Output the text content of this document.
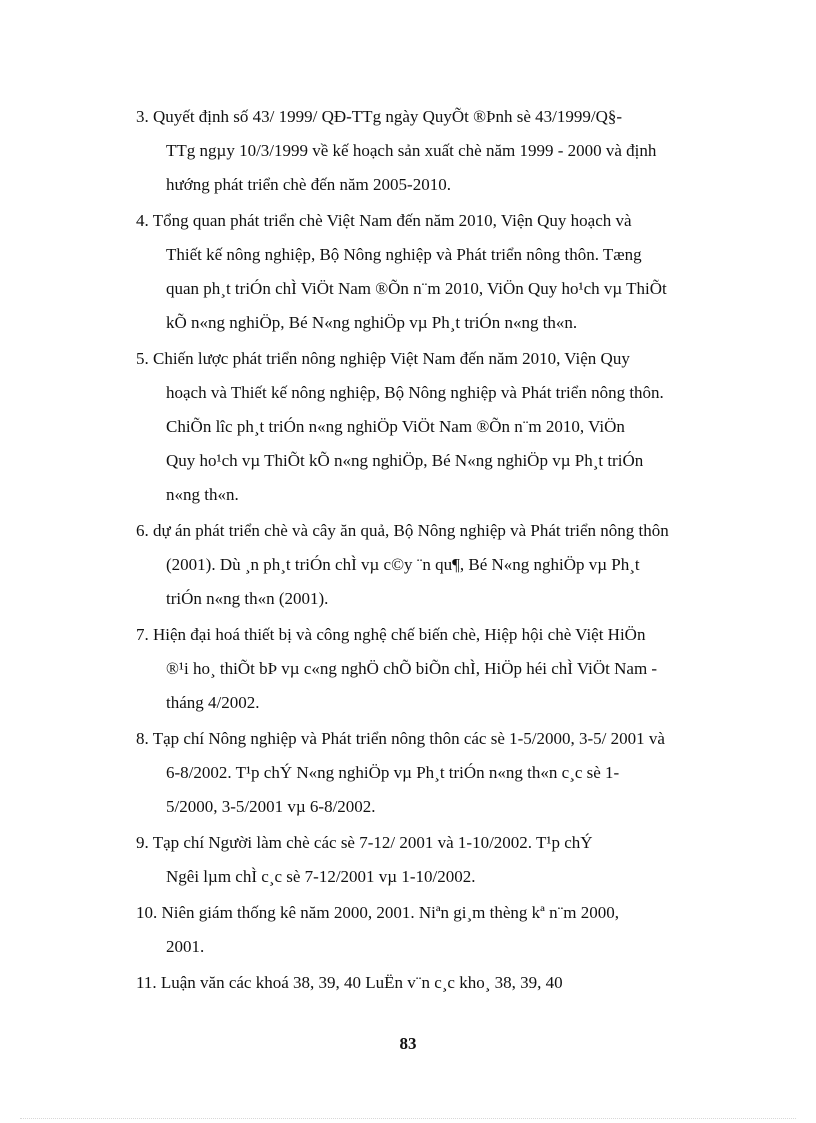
3. Quyết định số 43/ 1999/ QĐ-TTg ngày QuyÕt ®Þnh sè 43/1999/Q§-

TTg ngµy 10/3/1999 về kế hoạch sản xuất chè năm 1999 - 2000 và định

hướng phát triển chè đến năm 2005-2010.

4. Tổng quan phát triển chè Việt Nam đến năm 2010, Viện Quy hoạch và

Thiết kế nông nghiệp, Bộ Nông nghiệp và Phát triển nông thôn. Tæng

quan ph¸t triÓn chÌ ViÖt Nam ®Õn n¨m 2010, ViÖn Quy ho¹ch vµ ThiÕt

kÕ n«ng nghiÖp, Bé N«ng nghiÖp vµ Ph¸t triÓn n«ng th«n.

5. Chiến lược phát triển nông nghiệp Việt Nam đến năm 2010, Viện Quy

hoạch và Thiết kế nông nghiệp, Bộ Nông nghiệp và Phát triển nông thôn.

ChiÕn lîc ph¸t triÓn n«ng nghiÖp ViÖt Nam ®Õn n¨m 2010, ViÖn

Quy ho¹ch vµ ThiÕt kÕ n«ng nghiÖp, Bé N«ng nghiÖp vµ Ph¸t triÓn

n«ng th«n.

6. dự án phát triển chè và cây ăn quả, Bộ Nông nghiệp và Phát triển nông thôn

(2001). Dù ¸n ph¸t triÓn chÌ vµ c©y ¨n qu¶, Bé N«ng nghiÖp vµ Ph¸t

triÓn n«ng th«n (2001).

7. Hiện đại hoá thiết bị và công nghệ chế biến chè, Hiệp hội chè Việt HiÖn

®¹i ho¸ thiÕt bÞ vµ c«ng nghÖ chÕ biÕn chÌ, HiÖp héi chÌ ViÖt Nam -

tháng 4/2002.

8. Tạp chí Nông nghiệp và Phát triển nông thôn các sè 1-5/2000, 3-5/ 2001 và

6-8/2002. T¹p chÝ N«ng nghiÖp vµ Ph¸t triÓn n«ng th«n c¸c sè 1-

5/2000, 3-5/2001 vµ 6-8/2002.

9. Tạp chí Người làm chè các sè 7-12/ 2001 và 1-10/2002. T¹p chÝ

Ngêi lµm chÌ c¸c sè 7-12/2001 vµ 1-10/2002.

10. Niên giám thống kê năm 2000, 2001. Niªn gi¸m thèng kª n¨m 2000,

2001.

11. Luận văn các khoá 38, 39, 40 LuËn v¨n c¸c kho¸ 38, 39, 40

83
